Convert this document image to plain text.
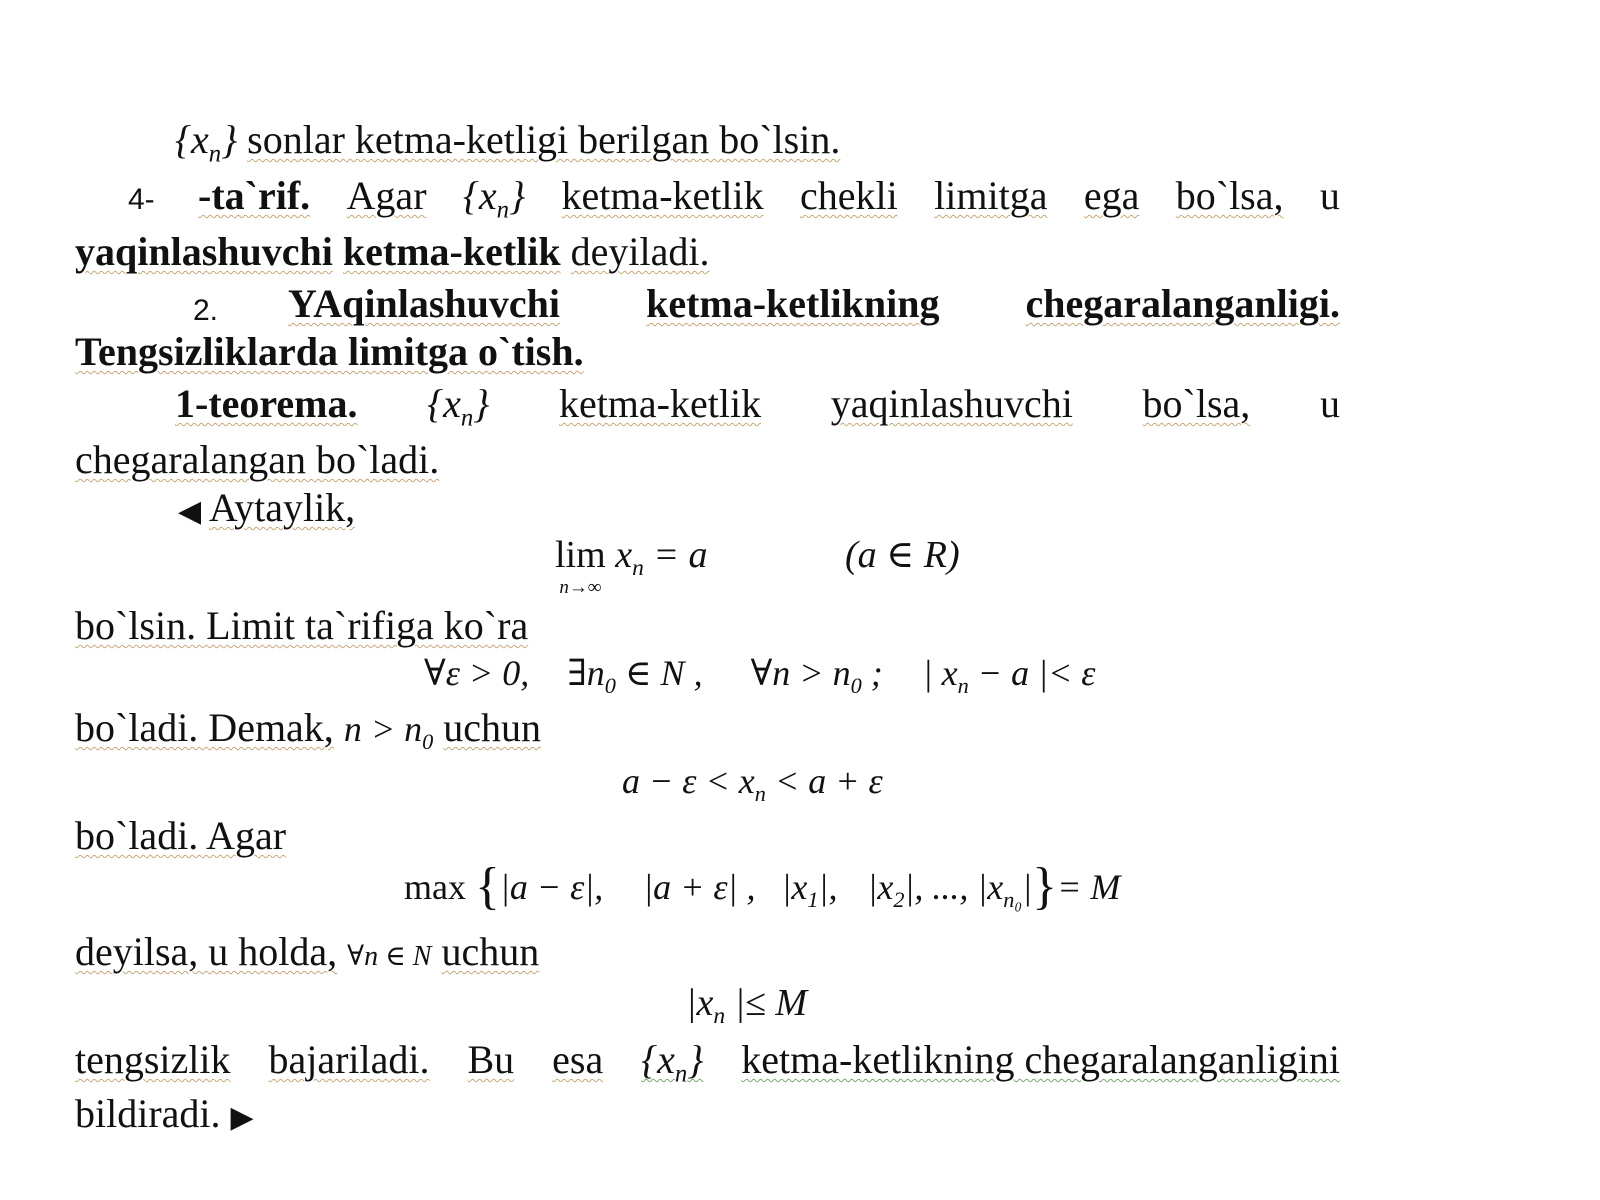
$\{x_n\}$ sonlar ketma-ketligi berilgan bo`lsin.
4- -ta`rif. Agar $\{x_n\}$ ketma-ketlik chekli limitga ega bo`lsa, u
yaqinlashuvchi ketma-ketlik deyiladi.
2. YAqinlashuvchi ketma-ketlikning chegaralanganligi.
Tengsizliklarda limitga o`tish.
1-teorema. $\{x_n\}$ ketma-ketlik yaqinlashuvchi bo`lsa, u
chegaralangan bo`ladi.
◀ Aytaylik,
lim
n→∞
$x_n = a$	(a ∈ R)
bo`lsin. Limit ta`rifiga ko`ra
∀ε > 0, $\exists n_0$ ∈ N , ∀n > $n_0$ ; | $x_n - a$ |< ε
bo`ladi. Demak, $n > n_0$ uchun
$a - \varepsilon < x_n < a + \varepsilon$
bo`ladi. Agar
max {|a − ε|, |a + ε| , $|x_1|$, $|x_2|$, ..., $|x_{n_0}|\}= M$
deyilsa, u holda, ∀n ∈ N uchun
$|x_n$ |≤ M
tengsizlik bajariladi. Bu esa $\{x_n\}$ ketma-ketlikning chegaralanganligini
bildiradi. ▶
